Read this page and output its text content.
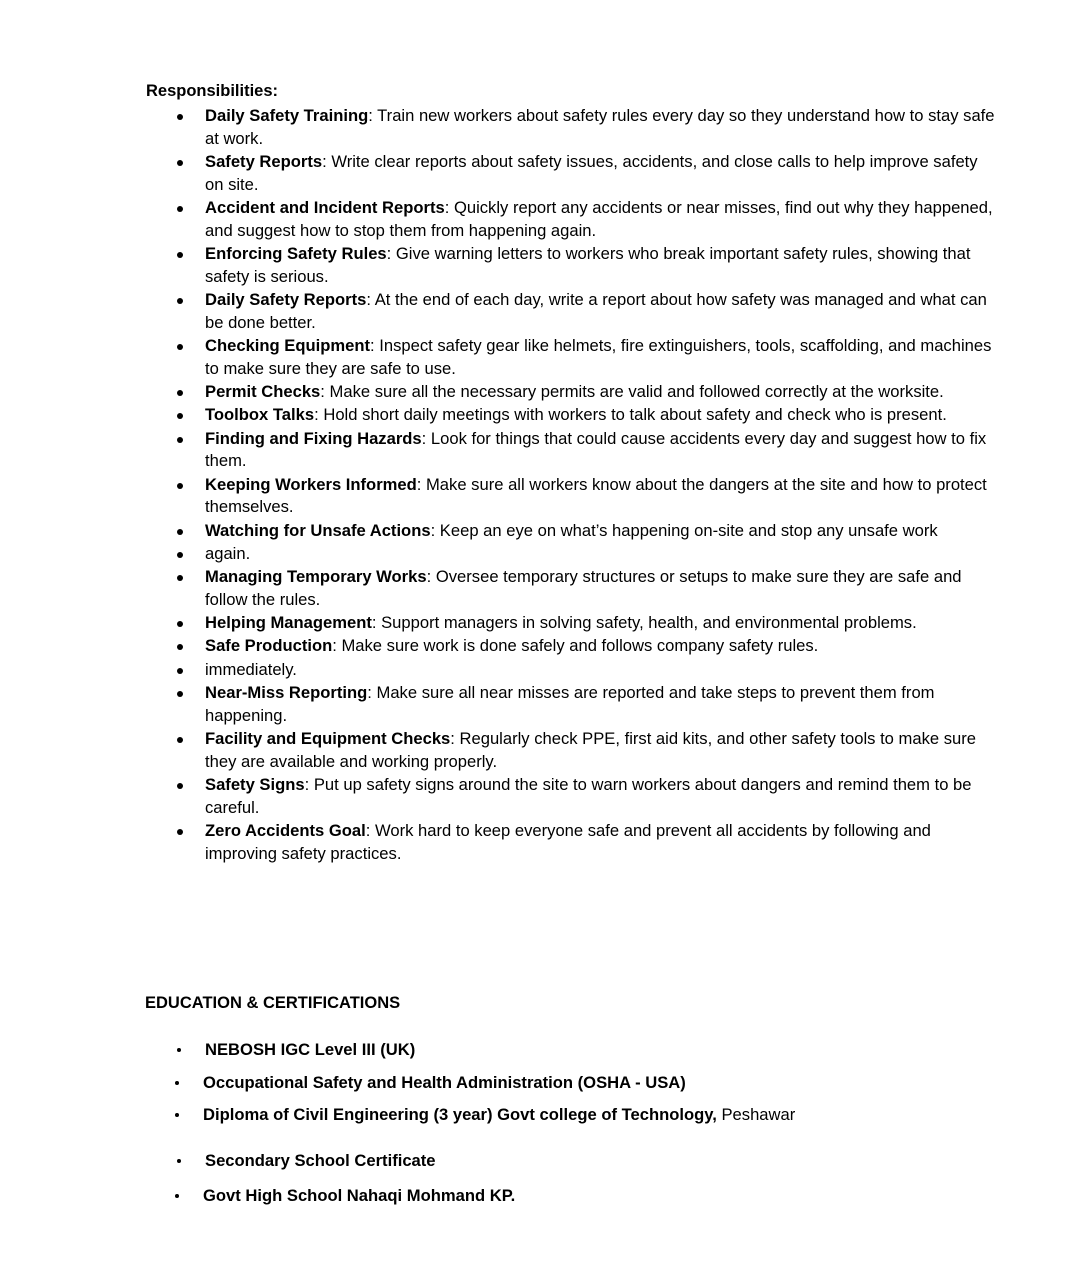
Responsibilities:
Daily Safety Training: Train new workers about safety rules every day so they understand how to stay safe at work.
Safety Reports: Write clear reports about safety issues, accidents, and close calls to help improve safety on site.
Accident and Incident Reports: Quickly report any accidents or near misses, find out why they happened, and suggest how to stop them from happening again.
Enforcing Safety Rules: Give warning letters to workers who break important safety rules, showing that safety is serious.
Daily Safety Reports: At the end of each day, write a report about how safety was managed and what can be done better.
Checking Equipment: Inspect safety gear like helmets, fire extinguishers, tools, scaffolding, and machines to make sure they are safe to use.
Permit Checks: Make sure all the necessary permits are valid and followed correctly at the worksite.
Toolbox Talks: Hold short daily meetings with workers to talk about safety and check who is present.
Finding and Fixing Hazards: Look for things that could cause accidents every day and suggest how to fix them.
Keeping Workers Informed: Make sure all workers know about the dangers at the site and how to protect themselves.
Watching for Unsafe Actions: Keep an eye on what’s happening on-site and stop any unsafe work
again.
Managing Temporary Works: Oversee temporary structures or setups to make sure they are safe and follow the rules.
Helping Management: Support managers in solving safety, health, and environmental problems.
Safe Production: Make sure work is done safely and follows company safety rules.
immediately.
Near-Miss Reporting: Make sure all near misses are reported and take steps to prevent them from happening.
Facility and Equipment Checks: Regularly check PPE, first aid kits, and other safety tools to make sure they are available and working properly.
Safety Signs: Put up safety signs around the site to warn workers about dangers and remind them to be careful.
Zero Accidents Goal: Work hard to keep everyone safe and prevent all accidents by following and improving safety practices.
EDUCATION & CERTIFICATIONS
NEBOSH IGC Level III (UK)
Occupational Safety and Health Administration (OSHA - USA)
Diploma of Civil Engineering (3 year) Govt college of Technology, Peshawar
Secondary School Certificate
Govt High School Nahaqi Mohmand KP.
